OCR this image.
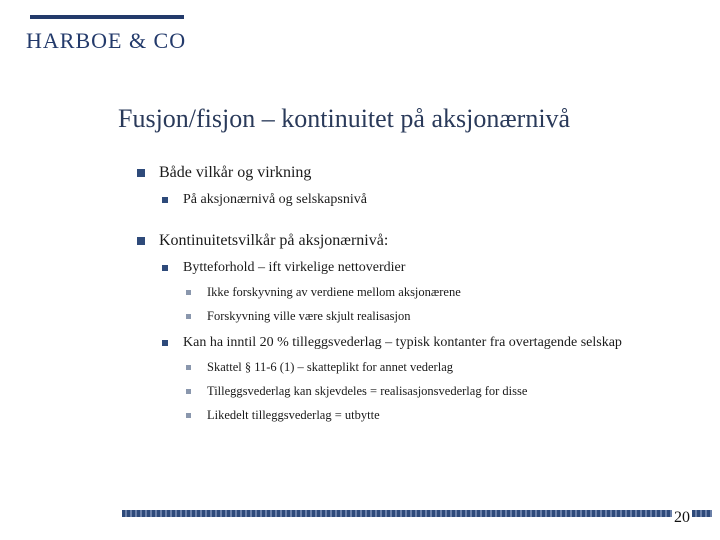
HARBOE & CO
Fusjon/fisjon – kontinuitet på aksjonærnivå
Både vilkår og virkning
På aksjonærnivå og selskapsnivå
Kontinuitetsvilkår på aksjonærnivå:
Bytteforhold – ift virkelige nettoverdier
Ikke forskyvning av verdiene mellom aksjonærene
Forskyvning ville være skjult realisasjon
Kan ha inntil 20 % tilleggsvederlag – typisk kontanter fra overtagende selskap
Skattel § 11-6 (1) – skatteplikt for annet vederlag
Tilleggsvederlag kan skjevdeles = realisasjonsvederlag for disse
Likedelt tilleggsvederlag = utbytte
20
